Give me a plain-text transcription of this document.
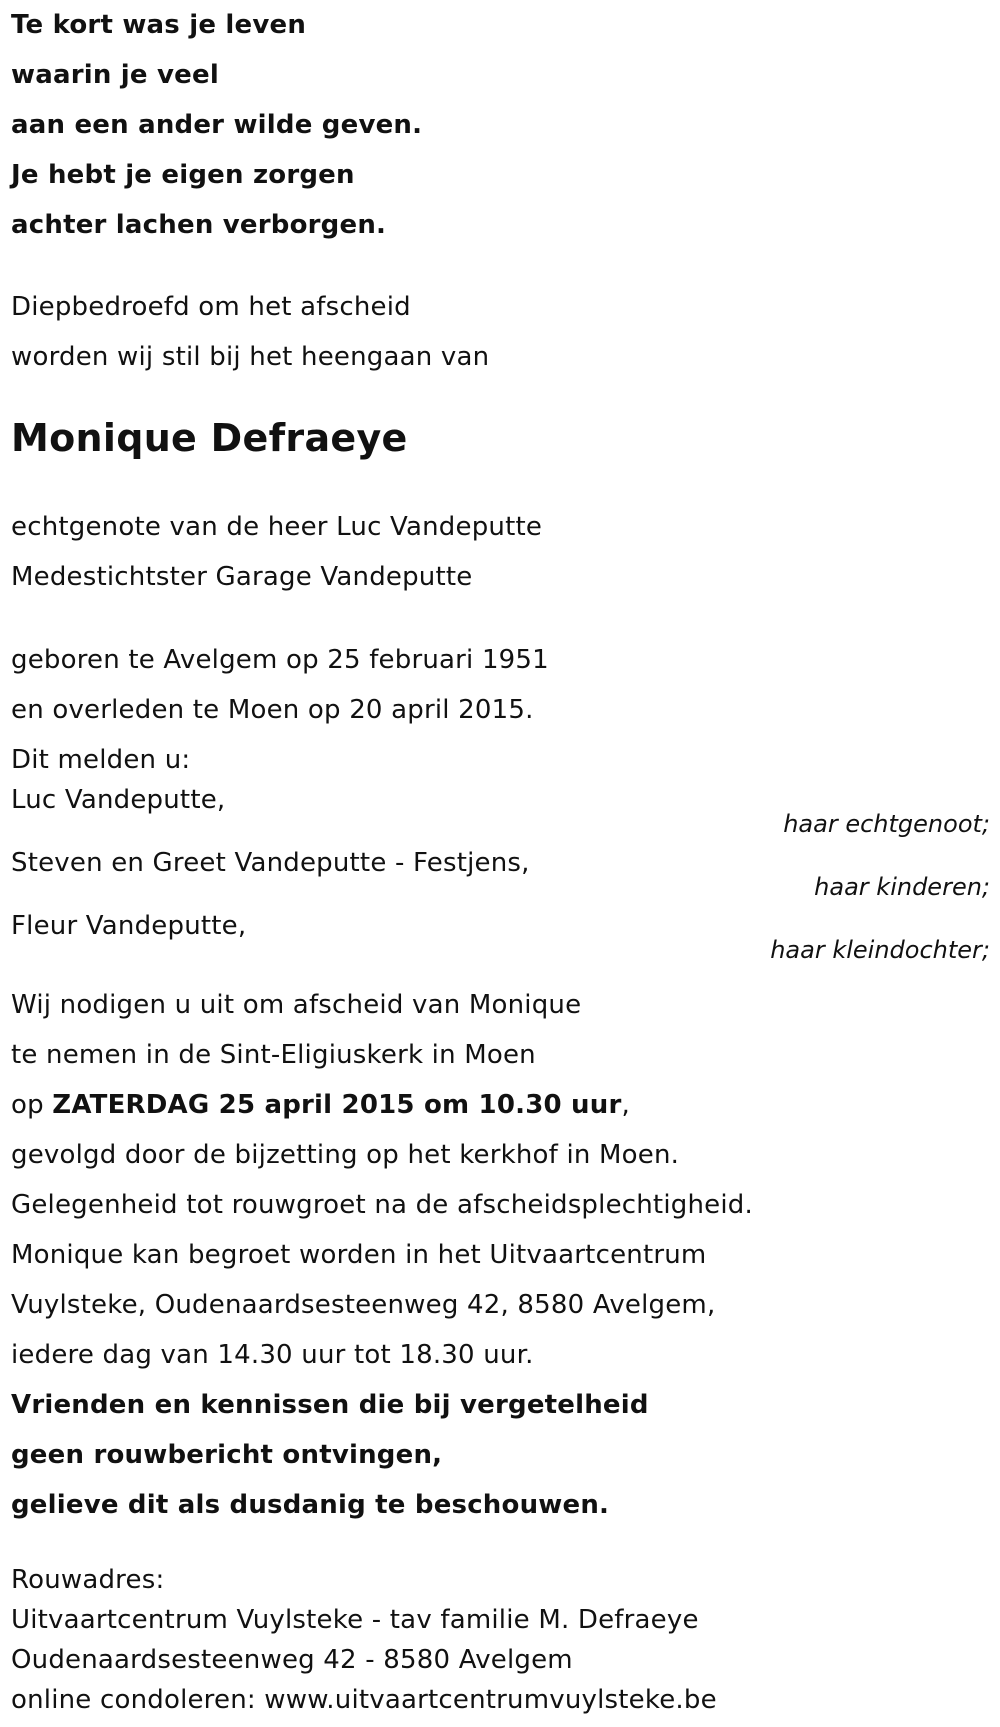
Te kort was je leven
waarin je veel
aan een ander wilde geven.
Je hebt je eigen zorgen
achter lachen verborgen.
Diepbedroefd om het afscheid
worden wij stil bij het heengaan van
Monique Defraeye
echtgenote van de heer Luc Vandeputte
Medestichtster Garage Vandeputte
geboren te Avelgem op 25 februari 1951
en overleden te Moen op 20 april 2015.
Dit melden u:
Luc Vandeputte,
haar echtgenoot;
Steven en Greet Vandeputte - Festjens,
haar kinderen;
Fleur Vandeputte,
haar kleindochter;
Wij nodigen u uit om afscheid van Monique
te nemen in de Sint-Eligiuskerk in Moen
op ZATERDAG 25 april 2015 om 10.30 uur,
gevolgd door de bijzetting op het kerkhof in Moen.
Gelegenheid tot rouwgroet na de afscheidsplechtigheid.
Monique kan begroet worden in het Uitvaartcentrum
Vuylsteke, Oudenaardsesteenweg 42, 8580 Avelgem,
iedere dag van 14.30 uur tot 18.30 uur.
Vrienden en kennissen die bij vergetelheid
geen rouwbericht ontvingen,
gelieve dit als dusdanig te beschouwen.
Rouwadres:
Uitvaartcentrum Vuylsteke - tav familie M. Defraeye
Oudenaardsesteenweg 42 - 8580 Avelgem
online condoleren: www.uitvaartcentrumvuylsteke.be
